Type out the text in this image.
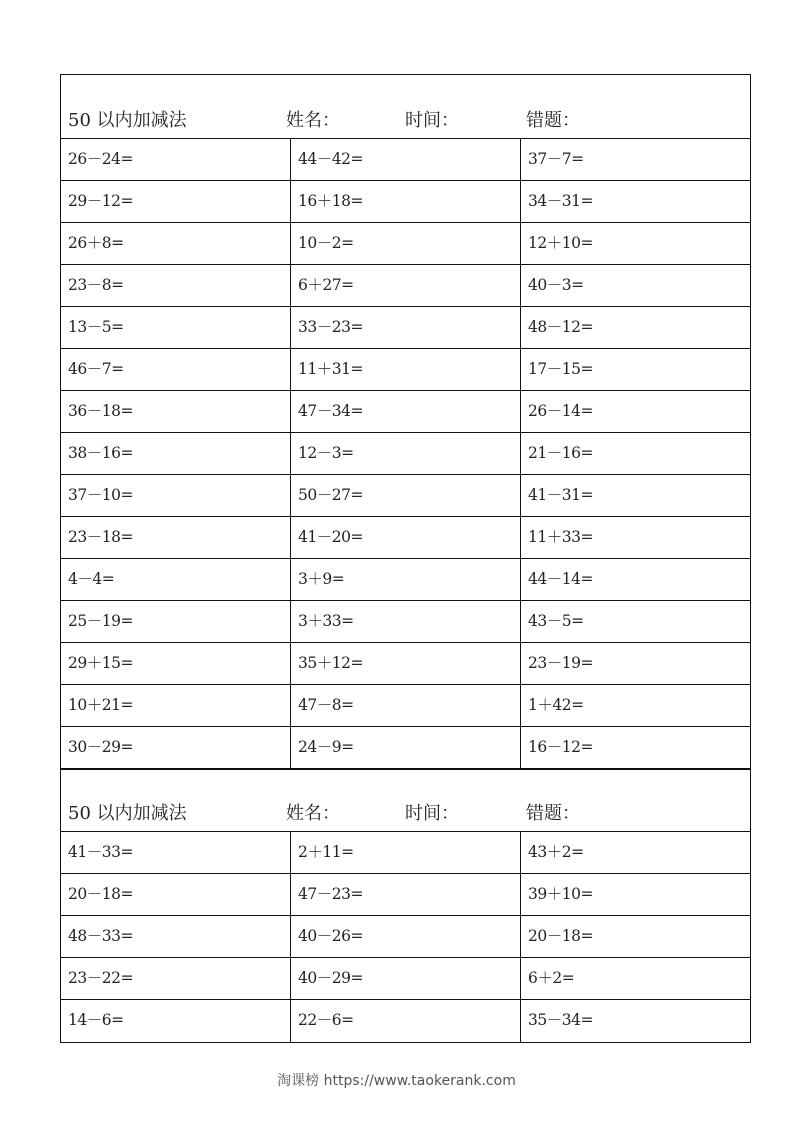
50 以内加减法	姓名：	时间：	错题：
26－24=	44－42=	37－7=
29－12=	16＋18=	34－31=
26＋8=	10－2=	12＋10=
23－8=	6＋27=	40－3=
13－5=	33－23=	48－12=
46－7=	11＋31=	17－15=
36－18=	47－34=	26－14=
38－16=	12－3=	21－16=
37－10=	50－27=	41－31=
23－18=	41－20=	11＋33=
4－4=	3＋9=	44－14=
25－19=	3＋33=	43－5=
29＋15=	35＋12=	23－19=
10＋21=	47－8=	1＋42=
30－29=	24－9=	16－12=
50 以内加减法	姓名：	时间：	错题：
41－33=	2＋11=	43＋2=
20－18=	47－23=	39＋10=
48－33=	40－26=	20－18=
23－22=	40－29=	6＋2=
14－6=	22－6=	35－34=
淘课榜 https://www.taokerank.com
